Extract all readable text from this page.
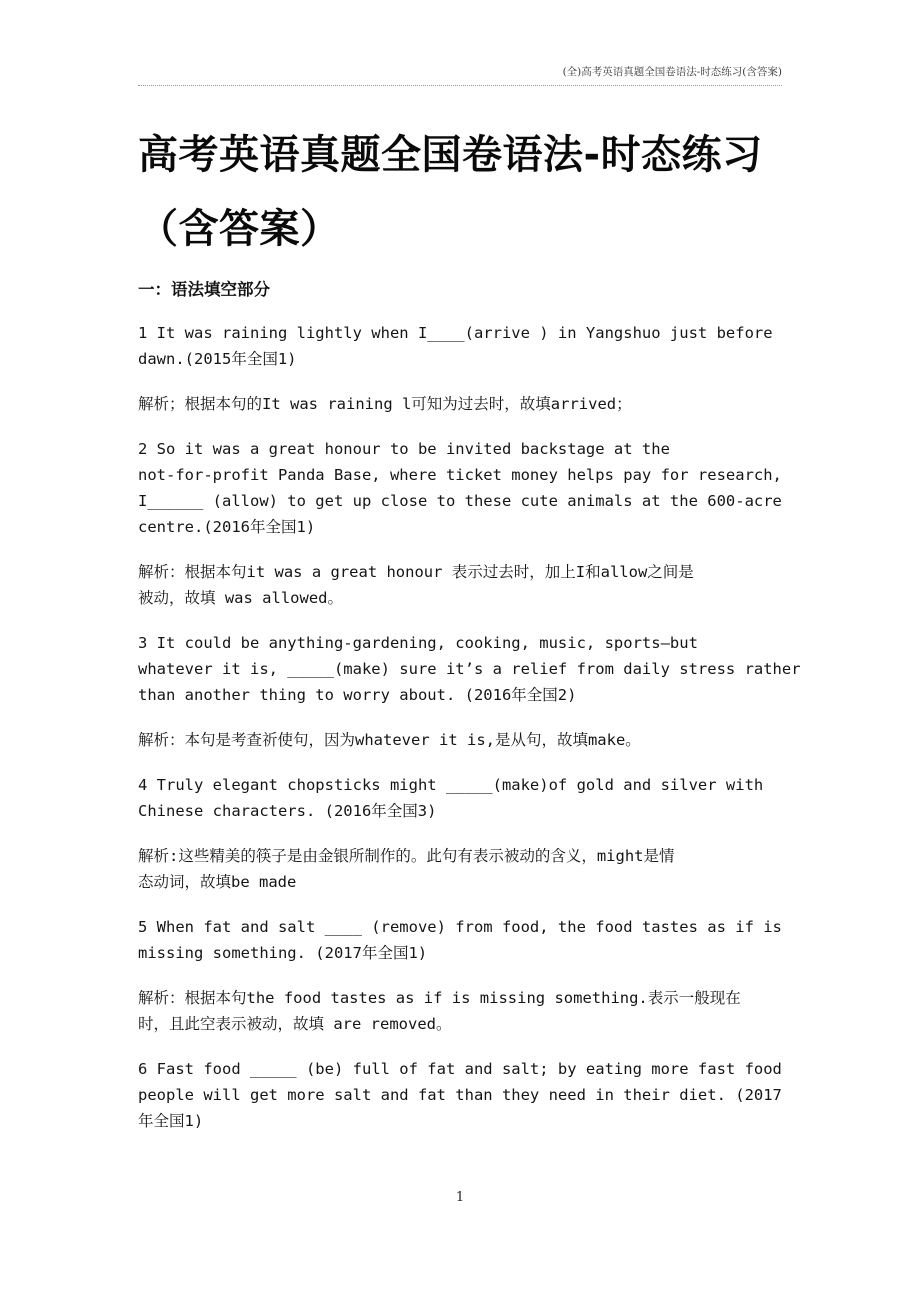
(全)高考英语真题全国卷语法-时态练习(含答案)
高考英语真题全国卷语法-时态练习
（含答案）
一：语法填空部分

1 It was raining lightly when I____(arrive ) in Yangshuo just before
dawn.(2015年全国1)

解析；根据本句的It was raining l可知为过去时，故填arrived；

2 So it was a great honour to be invited backstage at the
not-for-profit Panda Base, where ticket money helps pay for research,
I______ (allow) to get up close to these cute animals at the 600-acre
centre.(2016年全国1)

解析：根据本句it was a great honour 表示过去时，加上I和allow之间是
被动，故填 was allowed。

3 It could be anything-gardening, cooking, music, sports—but
whatever it is, _____(make) sure it’s a relief from daily stress rather
than another thing to worry about. (2016年全国2)

解析：本句是考查祈使句，因为whatever it is,是从句，故填make。

4 Truly elegant chopsticks might _____(make)of gold and silver with
Chinese characters. (2016年全国3)

解析:这些精美的筷子是由金银所制作的。此句有表示被动的含义，might是情
态动词，故填be made

5 When fat and salt ____ (remove) from food, the food tastes as if is
missing something. (2017年全国1)

解析：根据本句the food tastes as if is missing something.表示一般现在
时，且此空表示被动，故填 are removed。

6 Fast food _____ (be) full of fat and salt; by eating more fast food
people will get more salt and fat than they need in their diet. (2017
年全国1)

1
